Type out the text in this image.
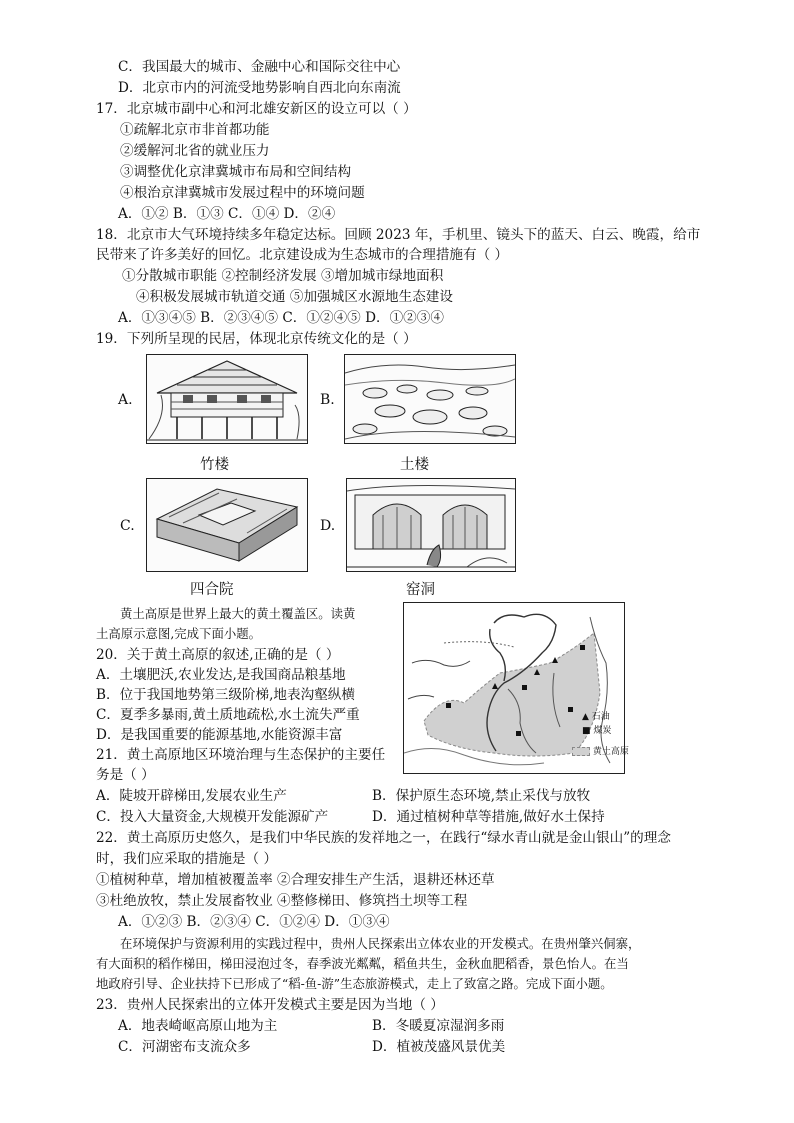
C．我国最大的城市、金融中心和国际交往中心
D．北京市内的河流受地势影响自西北向东南流
17．北京城市副中心和河北雄安新区的设立可以（ ）
①疏解北京市非首都功能
②缓解河北省的就业压力
③调整优化京津冀城市布局和空间结构
④根治京津冀城市发展过程中的环境问题
A．①② B．①③ C．①④ D．②④
18．北京市大气环境持续多年稳定达标。回顾 2023 年，手机里、镜头下的蓝天、白云、晚霞，给市
民带来了许多美好的回忆。北京建设成为生态城市的合理措施有（ ）
①分散城市职能 ②控制经济发展 ③增加城市绿地面积
④积极发展城市轨道交通 ⑤加强城区水源地生态建设
A．①③④⑤ B．②③④⑤ C．①②④⑤ D．①②③④
19．下列所呈现的民居，体现北京传统文化的是（ ）
A.	B.
竹楼	土楼
C.	D.
四合院	窑洞
黄土高原是世界上最大的黄土覆盖区。读黄
土高原示意图,完成下面小题。
20．关于黄土高原的叙述,正确的是（ ）
A．土壤肥沃,农业发达,是我国商品粮基地
B．位于我国地势第三级阶梯,地表沟壑纵横
C．夏季多暴雨,黄土质地疏松,水土流失严重
D．是我国重要的能源基地,水能资源丰富
21．黄土高原地区环境治理与生态保护的主要任
务是（ ）
▲ 石油
■ 煤炭
黄土高原
A．陡坡开辟梯田,发展农业生产	B．保护原生态环境,禁止采伐与放牧
C．投入大量资金,大规模开发能源矿产	D．通过植树种草等措施,做好水土保持
22．黄土高原历史悠久，是我们中华民族的发祥地之一，在践行“绿水青山就是金山银山”的理念
时，我们应采取的措施是（ ）
①植树种草，增加植被覆盖率 ②合理安排生产生活，退耕还林还草
③杜绝放牧，禁止发展畜牧业 ④整修梯田、修筑挡土坝等工程
A．①②③ B．②③④ C．①②④ D．①③④
在环境保护与资源利用的实践过程中，贵州人民探索出立体农业的开发模式。在贵州肇兴侗寨，
有大面积的稻作梯田，梯田浸泡过冬，春季波光粼粼，稻鱼共生，金秋血肥稻香，景色怡人。在当
地政府引导、企业扶持下已形成了“稻-鱼-游”生态旅游模式，走上了致富之路。完成下面小题。
23．贵州人民探索出的立体开发模式主要是因为当地（ ）
A．地表崎岖高原山地为主	B．冬暖夏凉湿润多雨
C．河湖密布支流众多	D．植被茂盛风景优美
